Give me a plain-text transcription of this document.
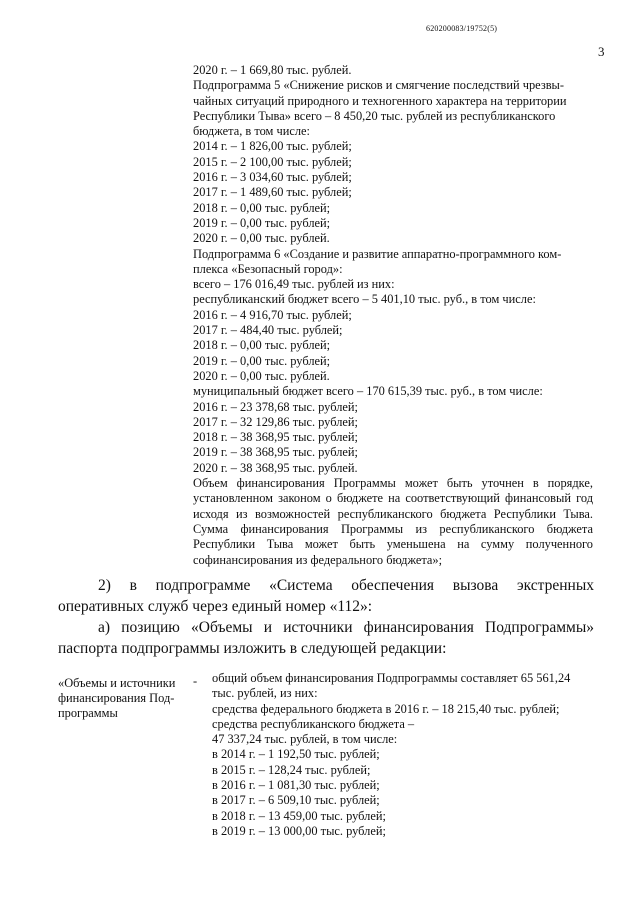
620200083/19752(5)
3
2020 г. – 1 669,80 тыс. рублей.
Подпрограмма 5 «Снижение рисков и смягчение последствий чрезвы-
чайных ситуаций природного и техногенного характера на территории
Республики Тыва» всего – 8 450,20 тыс. рублей из республиканского
бюджета, в том числе:
2014 г. – 1 826,00 тыс. рублей;
2015 г. – 2 100,00 тыс. рублей;
2016 г. – 3 034,60 тыс. рублей;
2017 г. – 1 489,60 тыс. рублей;
2018 г. – 0,00 тыс. рублей;
2019 г. – 0,00 тыс. рублей;
2020 г. – 0,00 тыс. рублей.
Подпрограмма 6 «Создание и развитие аппаратно-программного ком-
плекса «Безопасный город»:
всего – 176 016,49 тыс. рублей из них:
республиканский бюджет всего – 5 401,10 тыс. руб., в том числе:
2016 г. – 4 916,70 тыс. рублей;
2017 г. – 484,40 тыс. рублей;
2018 г. – 0,00 тыс. рублей;
2019 г. – 0,00 тыс. рублей;
2020 г. – 0,00 тыс. рублей.
муниципальный бюджет всего – 170 615,39 тыс. руб., в том числе:
2016 г. – 23 378,68 тыс. рублей;
2017 г. – 32 129,86 тыс. рублей;
2018 г. – 38 368,95 тыс. рублей;
2019 г. – 38 368,95 тыс. рублей;
2020 г. – 38 368,95 тыс. рублей.
Объем финансирования Программы может быть уточнен в порядке, установленном законом о бюджете на соответствующий финансовый год исходя из возможностей республиканского бюджета Республики Тыва. Сумма финансирования Программы из республиканского бюджета Республики Тыва может быть уменьшена на сумму полученного софинансирования из федерального бюджета»;
2) в подпрограмме «Система обеспечения вызова экстренных оперативных служб через единый номер «112»:
а) позицию «Объемы и источники финансирования Подпрограммы» паспорта подпрограммы изложить в следующей редакции:
«Объемы и источники
финансирования Под-
программы
- общий объем финансирования Подпрограммы составляет 65 561,24
тыс. рублей, из них:
средства федерального бюджета в 2016 г. – 18 215,40 тыс. рублей;
средства республиканского бюджета –
47 337,24 тыс. рублей, в том числе:
в 2014 г. – 1 192,50 тыс. рублей;
в 2015 г. – 128,24 тыс. рублей;
в 2016 г. – 1 081,30 тыс. рублей;
в 2017 г. – 6 509,10 тыс. рублей;
в 2018 г. – 13 459,00 тыс. рублей;
в 2019 г. – 13 000,00 тыс. рублей;
